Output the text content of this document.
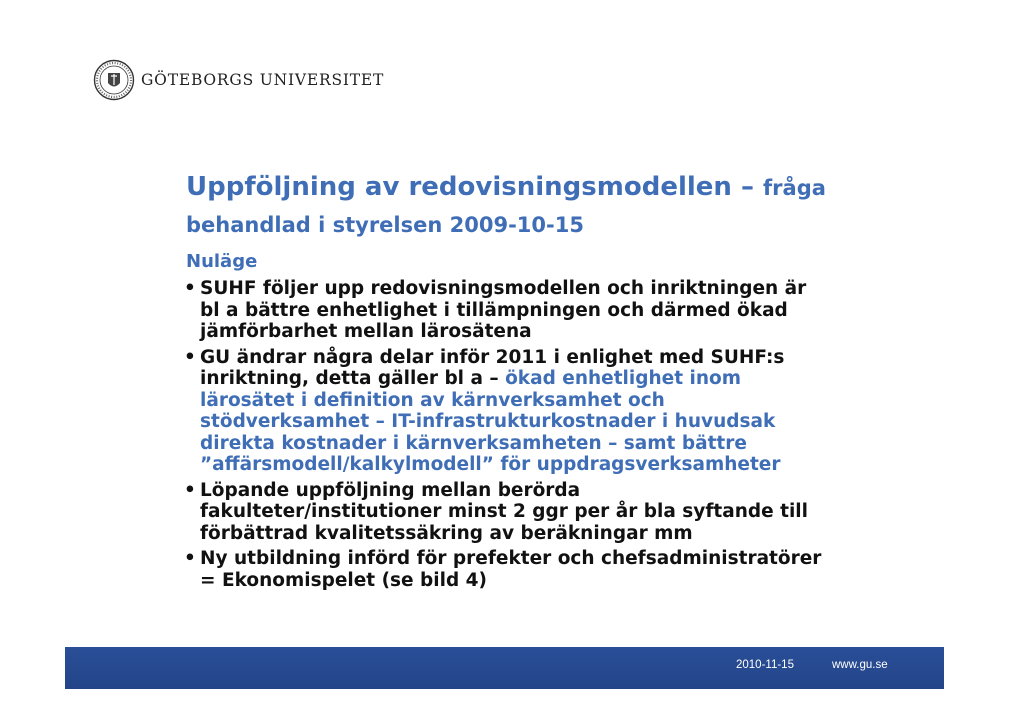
GÖTEBORGS UNIVERSITET
Uppföljning av redovisningsmodellen – fråga
behandlad i styrelsen 2009-10-15
Nuläge
• SUHF följer upp redovisningsmodellen och inriktningen är bl a bättre enhetlighet i tillämpningen och därmed ökad jämförbarhet mellan lärosätena
• GU ändrar några delar inför 2011 i enlighet med SUHF:s inriktning, detta gäller bl a – ökad enhetlighet inom lärosätet i definition av kärnverksamhet och stödverksamhet – IT-infrastrukturkostnader i huvudsak direkta kostnader i kärnverksamheten – samt bättre ”affärsmodell/kalkylmodell” för uppdragsverksamheter
• Löpande uppföljning mellan berörda fakulteter/institutioner minst 2 ggr per år bla syftande till förbättrad kvalitetssäkring av beräkningar mm
• Ny utbildning införd för prefekter och chefsadministratörer = Ekonomispelet (se bild 4)
2010-11-15	www.gu.se
